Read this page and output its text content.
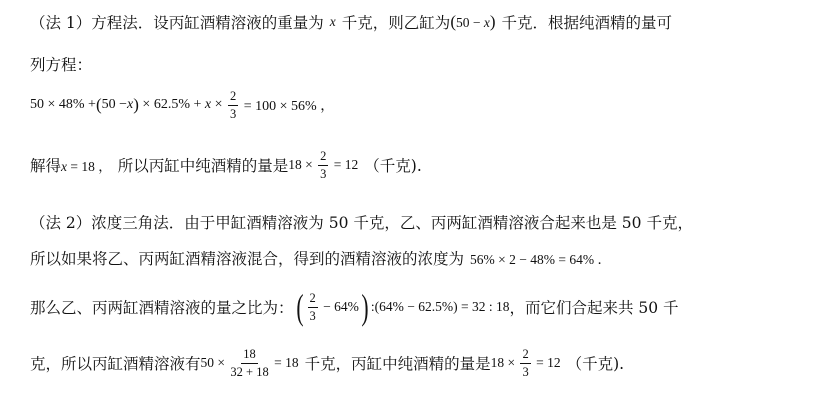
（法 1）方程法．设丙缸酒精溶液的重量为 x 千克，则乙缸为 (50 − x) 千克．根据纯酒精的量可
列方程：
50 × 48% + ( 50 − x ) × $62.5\% + x \times \frac{2}{3} = 100 \times 56\%$ ，
解得 x = 18 ， 所以丙缸中纯酒精的量是 $18 \times \frac{2}{3} = 12$ （千克).
（法 2）浓度三角法．由于甲缸酒精溶液为 50 千克，乙、丙两缸酒精溶液合起来也是 50 千克，
所以如果将乙、丙两缸酒精溶液混合，得到的酒精溶液的浓度为 56% × 2 − 48% = 64% ．
那么乙、丙两缸酒精溶液的量之比为： ( $\frac{2}{3} - 64\%$ ) :(64% − 62.5%) = 32 : 18 ，而它们合起来共 50 千
克，所以丙缸酒精溶液有 $50 \times \frac{18}{32 + 18} = 18$ 千克，丙缸中纯酒精的量是 $18 \times \frac{2}{3} = 12$ （千克).
